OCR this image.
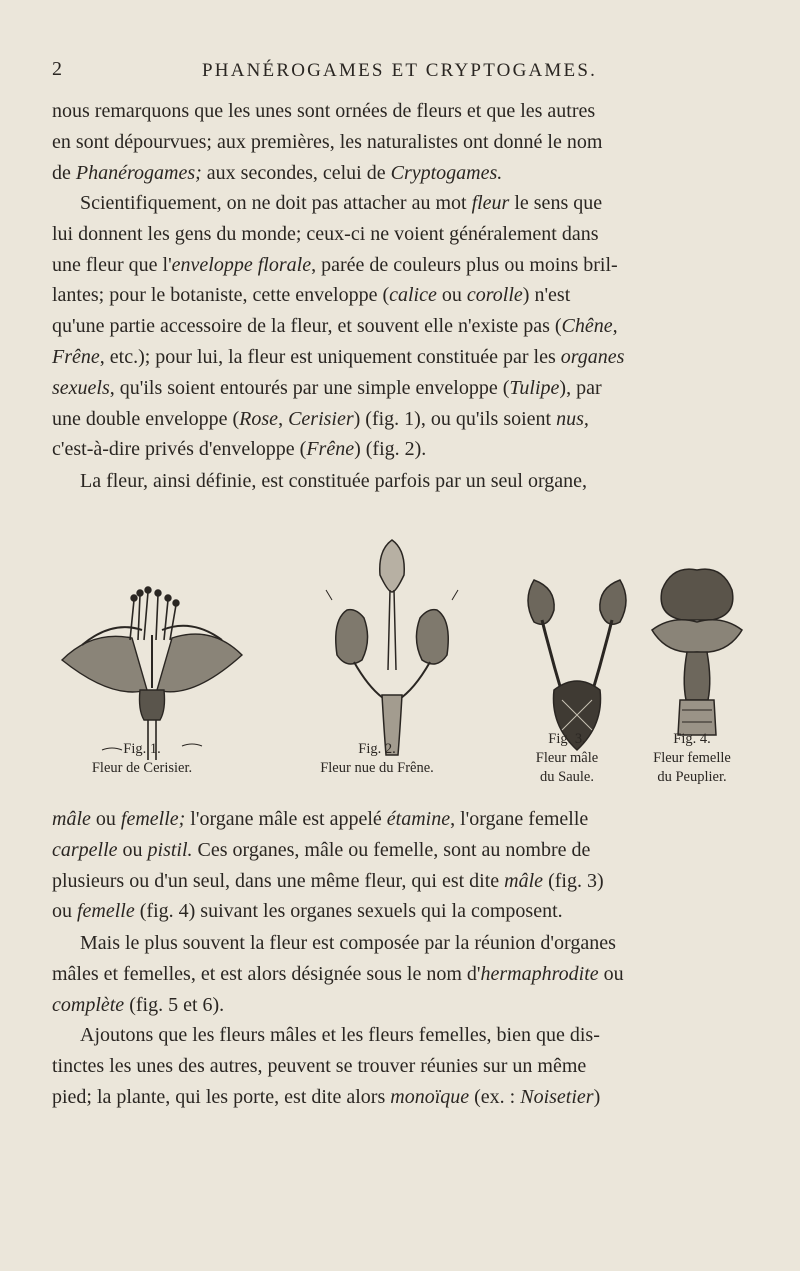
2	PHANÉROGAMES ET CRYPTOGAMES.

nous remarquons que les unes sont ornées de fleurs et que les autres
en sont dépourvues; aux premières, les naturalistes ont donné le nom
de Phanérogames; aux secondes, celui de Cryptogames.

Scientifiquement, on ne doit pas attacher au mot fleur le sens que
lui donnent les gens du monde; ceux-ci ne voient généralement dans
une fleur que l'enveloppe florale, parée de couleurs plus ou moins bril-
lantes; pour le botaniste, cette enveloppe (calice ou corolle) n'est
qu'une partie accessoire de la fleur, et souvent elle n'existe pas (Chêne,
Frêne, etc.); pour lui, la fleur est uniquement constituée par les organes
sexuels, qu'ils soient entourés par une simple enveloppe (Tulipe), par
une double enveloppe (Rose, Cerisier) (fig. 1), ou qu'ils soient nus,
c'est-à-dire privés d'enveloppe (Frêne) (fig. 2).

La fleur, ainsi définie, est constituée parfois par un seul organe,

Fig. 1.
Fleur de Cerisier.
Fig. 2.
Fleur nue du Frêne.
Fig. 3.
Fleur mâle
du Saule.
Fig. 4.
Fleur femelle
du Peuplier.

mâle ou femelle; l'organe mâle est appelé étamine, l'organe femelle
carpelle ou pistil. Ces organes, mâle ou femelle, sont au nombre de
plusieurs ou d'un seul, dans une même fleur, qui est dite mâle (fig. 3)
ou femelle (fig. 4) suivant les organes sexuels qui la composent.

Mais le plus souvent la fleur est composée par la réunion d'organes
mâles et femelles, et est alors désignée sous le nom d'hermaphrodite ou
complète (fig. 5 et 6).

Ajoutons que les fleurs mâles et les fleurs femelles, bien que dis-
tinctes les unes des autres, peuvent se trouver réunies sur un même
pied; la plante, qui les porte, est dite alors monoïque (ex. : Noisetier)
